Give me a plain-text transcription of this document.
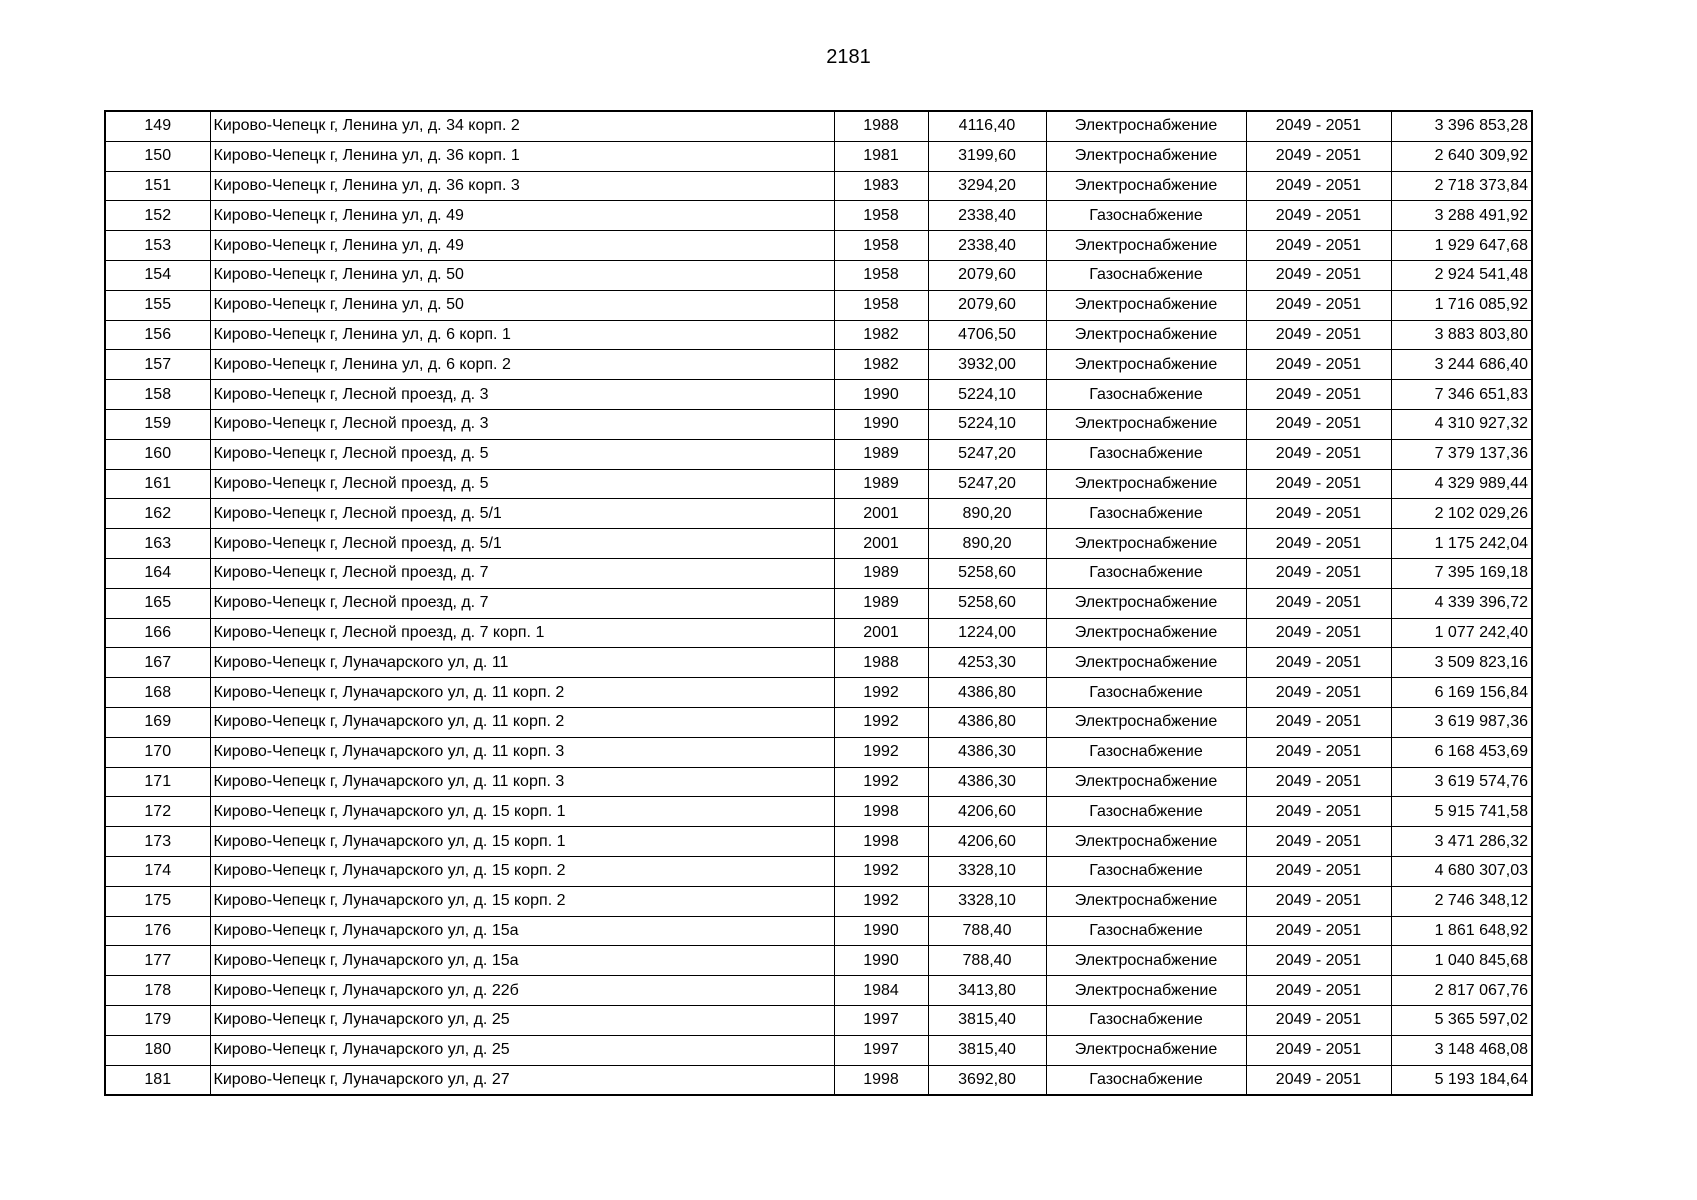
2181
149	Кирово-Чепецк г, Ленина ул, д. 34 корп. 2	1988	4116,40	Электроснабжение	2049 - 2051	3 396 853,28
150	Кирово-Чепецк г, Ленина ул, д. 36 корп. 1	1981	3199,60	Электроснабжение	2049 - 2051	2 640 309,92
151	Кирово-Чепецк г, Ленина ул, д. 36 корп. 3	1983	3294,20	Электроснабжение	2049 - 2051	2 718 373,84
152	Кирово-Чепецк г, Ленина ул, д. 49	1958	2338,40	Газоснабжение	2049 - 2051	3 288 491,92
153	Кирово-Чепецк г, Ленина ул, д. 49	1958	2338,40	Электроснабжение	2049 - 2051	1 929 647,68
154	Кирово-Чепецк г, Ленина ул, д. 50	1958	2079,60	Газоснабжение	2049 - 2051	2 924 541,48
155	Кирово-Чепецк г, Ленина ул, д. 50	1958	2079,60	Электроснабжение	2049 - 2051	1 716 085,92
156	Кирово-Чепецк г, Ленина ул, д. 6 корп. 1	1982	4706,50	Электроснабжение	2049 - 2051	3 883 803,80
157	Кирово-Чепецк г, Ленина ул, д. 6 корп. 2	1982	3932,00	Электроснабжение	2049 - 2051	3 244 686,40
158	Кирово-Чепецк г, Лесной проезд, д. 3	1990	5224,10	Газоснабжение	2049 - 2051	7 346 651,83
159	Кирово-Чепецк г, Лесной проезд, д. 3	1990	5224,10	Электроснабжение	2049 - 2051	4 310 927,32
160	Кирово-Чепецк г, Лесной проезд, д. 5	1989	5247,20	Газоснабжение	2049 - 2051	7 379 137,36
161	Кирово-Чепецк г, Лесной проезд, д. 5	1989	5247,20	Электроснабжение	2049 - 2051	4 329 989,44
162	Кирово-Чепецк г, Лесной проезд, д. 5/1	2001	890,20	Газоснабжение	2049 - 2051	2 102 029,26
163	Кирово-Чепецк г, Лесной проезд, д. 5/1	2001	890,20	Электроснабжение	2049 - 2051	1 175 242,04
164	Кирово-Чепецк г, Лесной проезд, д. 7	1989	5258,60	Газоснабжение	2049 - 2051	7 395 169,18
165	Кирово-Чепецк г, Лесной проезд, д. 7	1989	5258,60	Электроснабжение	2049 - 2051	4 339 396,72
166	Кирово-Чепецк г, Лесной проезд, д. 7 корп. 1	2001	1224,00	Электроснабжение	2049 - 2051	1 077 242,40
167	Кирово-Чепецк г, Луначарского ул, д. 11	1988	4253,30	Электроснабжение	2049 - 2051	3 509 823,16
168	Кирово-Чепецк г, Луначарского ул, д. 11 корп. 2	1992	4386,80	Газоснабжение	2049 - 2051	6 169 156,84
169	Кирово-Чепецк г, Луначарского ул, д. 11 корп. 2	1992	4386,80	Электроснабжение	2049 - 2051	3 619 987,36
170	Кирово-Чепецк г, Луначарского ул, д. 11 корп. 3	1992	4386,30	Газоснабжение	2049 - 2051	6 168 453,69
171	Кирово-Чепецк г, Луначарского ул, д. 11 корп. 3	1992	4386,30	Электроснабжение	2049 - 2051	3 619 574,76
172	Кирово-Чепецк г, Луначарского ул, д. 15 корп. 1	1998	4206,60	Газоснабжение	2049 - 2051	5 915 741,58
173	Кирово-Чепецк г, Луначарского ул, д. 15 корп. 1	1998	4206,60	Электроснабжение	2049 - 2051	3 471 286,32
174	Кирово-Чепецк г, Луначарского ул, д. 15 корп. 2	1992	3328,10	Газоснабжение	2049 - 2051	4 680 307,03
175	Кирово-Чепецк г, Луначарского ул, д. 15 корп. 2	1992	3328,10	Электроснабжение	2049 - 2051	2 746 348,12
176	Кирово-Чепецк г, Луначарского ул, д. 15а	1990	788,40	Газоснабжение	2049 - 2051	1 861 648,92
177	Кирово-Чепецк г, Луначарского ул, д. 15а	1990	788,40	Электроснабжение	2049 - 2051	1 040 845,68
178	Кирово-Чепецк г, Луначарского ул, д. 22б	1984	3413,80	Электроснабжение	2049 - 2051	2 817 067,76
179	Кирово-Чепецк г, Луначарского ул, д. 25	1997	3815,40	Газоснабжение	2049 - 2051	5 365 597,02
180	Кирово-Чепецк г, Луначарского ул, д. 25	1997	3815,40	Электроснабжение	2049 - 2051	3 148 468,08
181	Кирово-Чепецк г, Луначарского ул, д. 27	1998	3692,80	Газоснабжение	2049 - 2051	5 193 184,64
